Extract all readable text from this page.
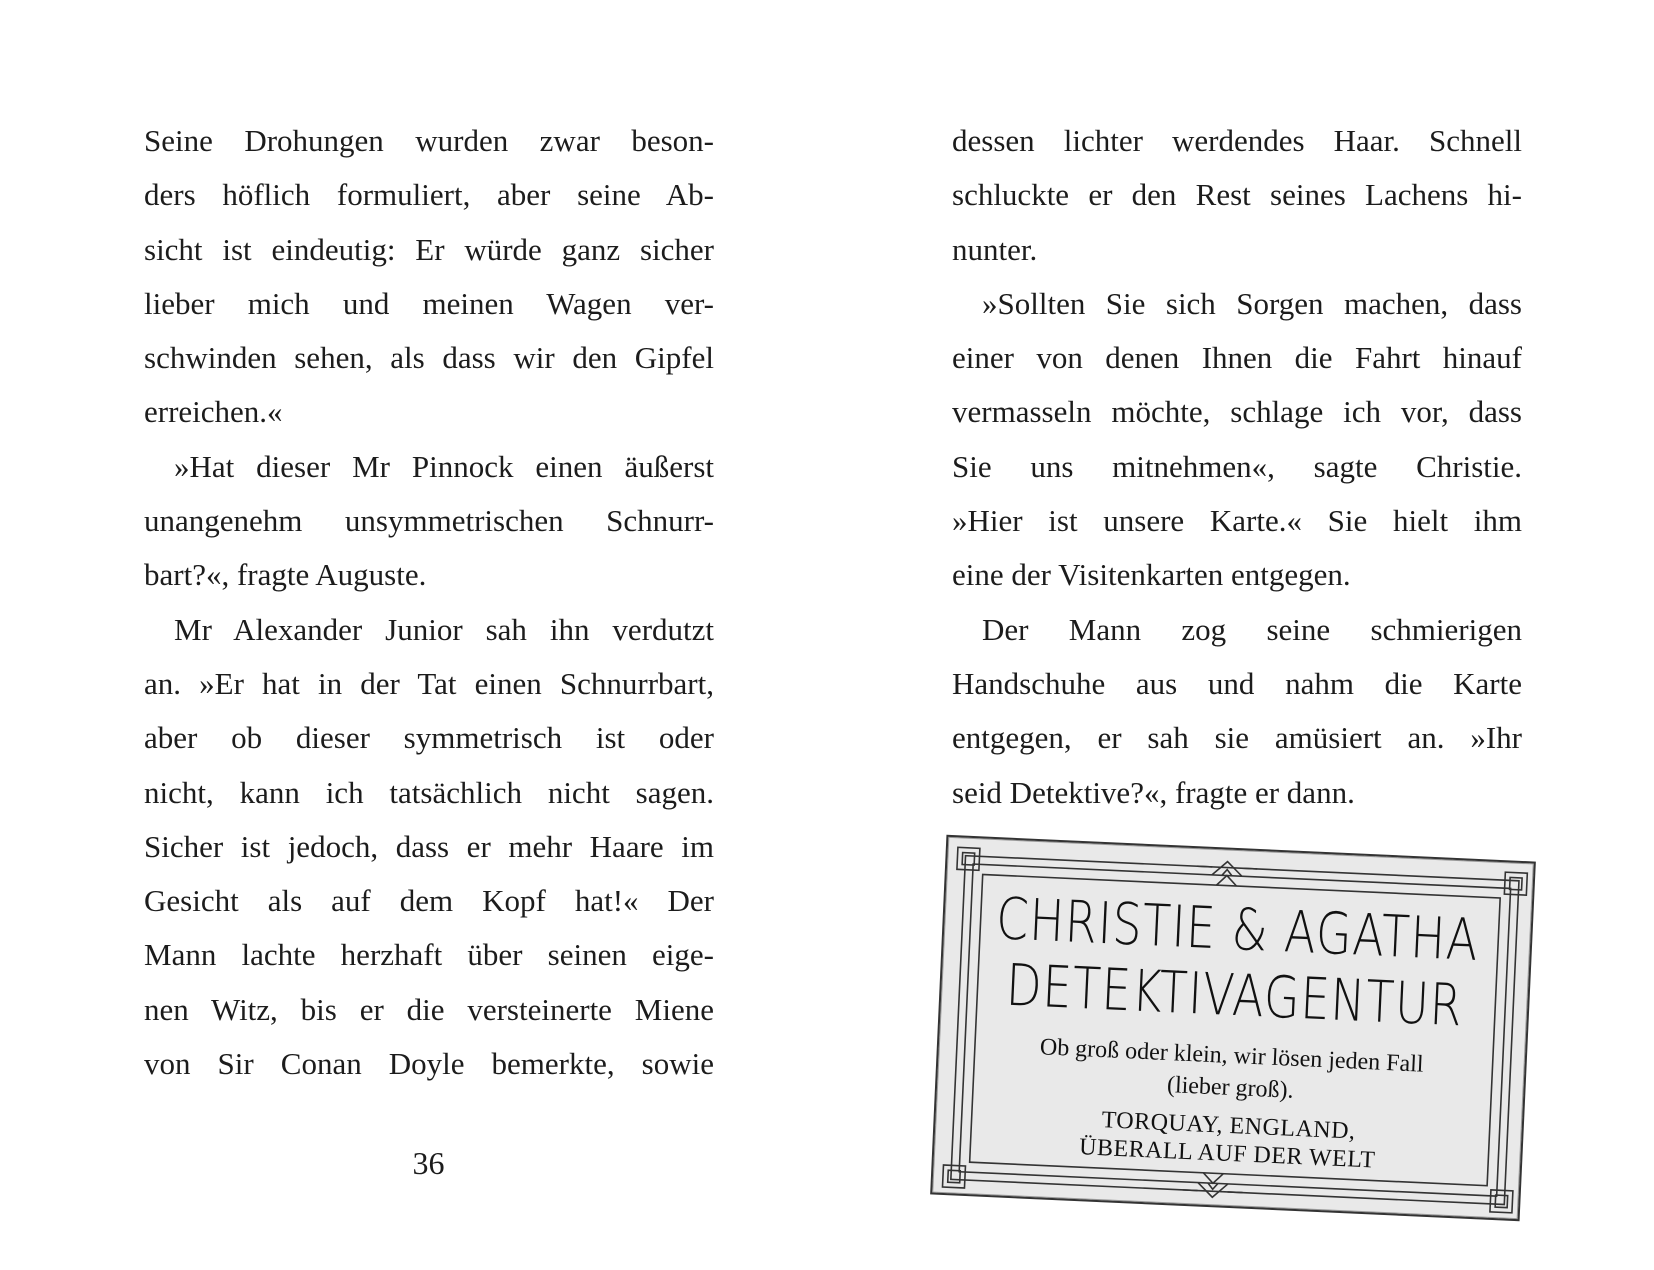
Seine Drohungen wurden zwar beson-
ders höflich formuliert, aber seine Ab-
sicht ist eindeutig: Er würde ganz sicher
lieber mich und meinen Wagen ver-
schwinden sehen, als dass wir den Gipfel
erreichen.«
»Hat dieser Mr Pinnock einen äußerst
unangenehm unsymmetrischen Schnurr-
bart?«, fragte Auguste.
Mr Alexander Junior sah ihn verdutzt
an. »Er hat in der Tat einen Schnurrbart,
aber ob dieser symmetrisch ist oder
nicht, kann ich tatsächlich nicht sagen.
Sicher ist jedoch, dass er mehr Haare im
Gesicht als auf dem Kopf hat!« Der
Mann lachte herzhaft über seinen eige-
nen Witz, bis er die versteinerte Miene
von Sir Conan Doyle bemerkte, sowie
36
dessen lichter werdendes Haar. Schnell
schluckte er den Rest seines Lachens hi-
nunter.
»Sollten Sie sich Sorgen machen, dass
einer von denen Ihnen die Fahrt hinauf
vermasseln möchte, schlage ich vor, dass
Sie uns mitnehmen«, sagte Christie.
»Hier ist unsere Karte.« Sie hielt ihm
eine der Visitenkarten entgegen.
Der Mann zog seine schmierigen
Handschuhe aus und nahm die Karte
entgegen, er sah sie amüsiert an. »Ihr
seid Detektive?«, fragte er dann.
CHRISTIE & AGATHA
DETEKTIVAGENTUR
Ob groß oder klein, wir lösen jeden Fall
(lieber groß).
TORQUAY, ENGLAND,
ÜBERALL AUF DER WELT
